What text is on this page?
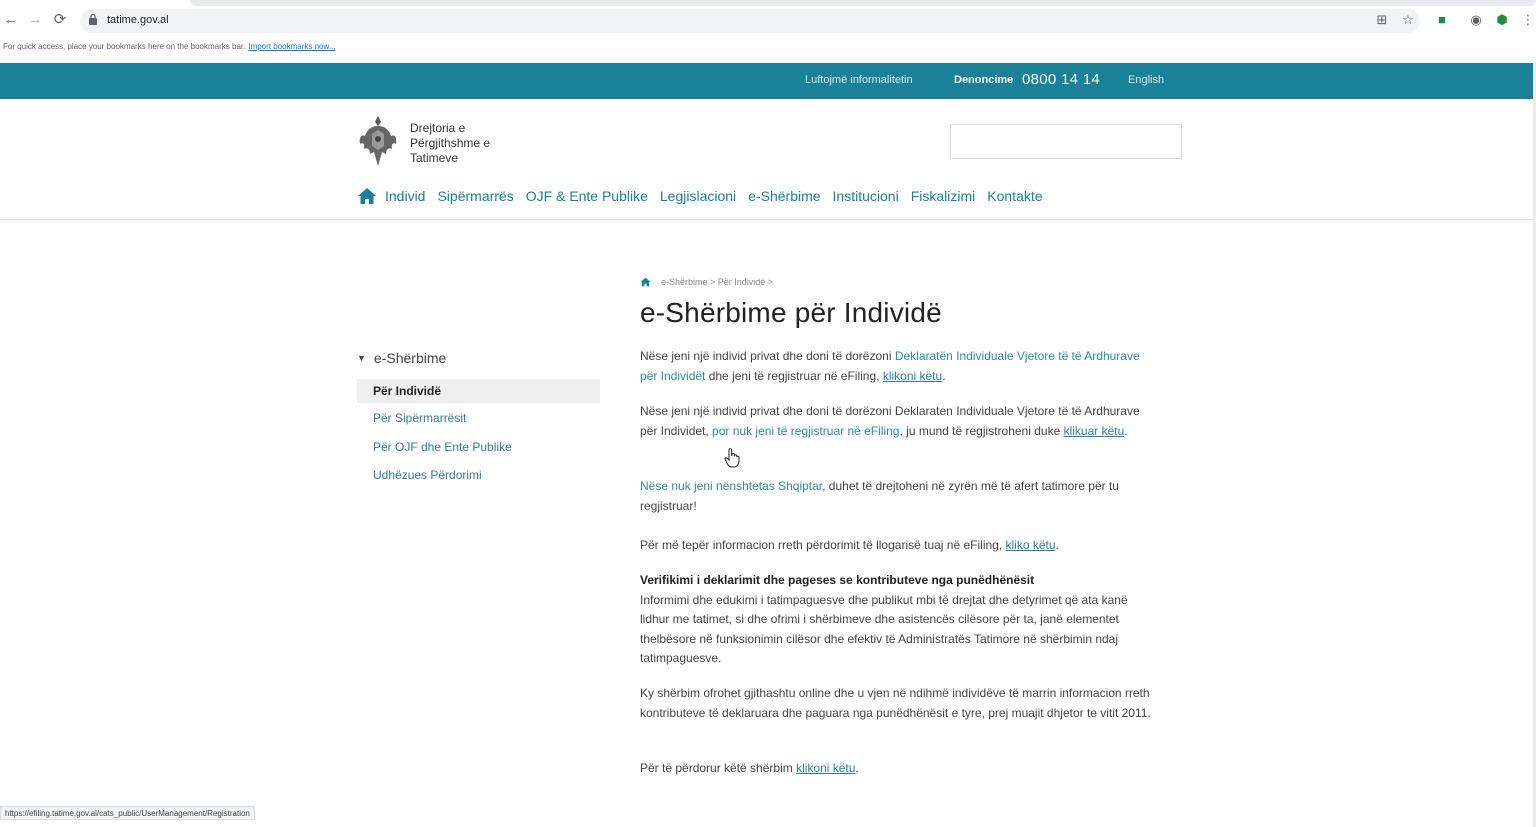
← → ⟳	tatime.gov.al	⊞ ☆	■	◉ ⬢ ⋮
For quick access, place your bookmarks here on the bookmarks bar. Import bookmarks now...
Luftojmë informalitetin	Denoncime 0800 14 14	English
Drejtoria e
Përgjithshme e
Tatimeve
Individ Sipërmarrës OJF & Ente Publike Legjislacioni e-Shërbime Institucioni Fiskalizimi Kontakte
▼ e-Shërbime
Për Individë
Për Sipërmarrësit
Për OJF dhe Ente Publike
Udhëzues Përdorimi
e-Shërbime > Për Individë >
e-Shërbime për Individë
Nëse jeni një individ privat dhe doni të dorëzoni Deklaratën Individuale Vjetore të të Ardhurave për Individët dhe jeni të regjistruar në eFiling, klikoni këtu.
Nëse jeni një individ privat dhe doni të dorëzoni Deklaraten Individuale Vjetore të të Ardhurave për Individet, por nuk jeni të regjistruar në eFiling, ju mund të regjistroheni duke klikuar këtu.
Nëse nuk jeni nënshtetas Shqiptar, duhet të drejtoheni në zyrën më të afert tatimore për tu regjistruar!
Për më tepër informacion rreth përdorimit të llogarisë tuaj në eFiling, kliko këtu.
Verifikimi i deklarimit dhe pageses se kontributeve nga punëdhënësit
Informimi dhe edukimi i tatimpaguesve dhe publikut mbi të drejtat dhe detyrimet që ata kanë lidhur me tatimet, si dhe ofrimi i shërbimeve dhe asistencës cilësore për ta, janë elementet thelbësore në funksionimin cilësor dhe efektiv të Administratës Tatimore në shërbimin ndaj tatimpaguesve.
Ky shërbim ofrohet gjithashtu online dhe u vjen në ndihmë individëve të marrin informacion rreth kontributeve të deklaruara dhe paguara nga punëdhënësit e tyre, prej muajit dhjetor te vitit 2011.
Për të përdorur këtë shërbim klikoni këtu.
https://efiling.tatime.gov.al/cats_public/UserManagement/Registration
